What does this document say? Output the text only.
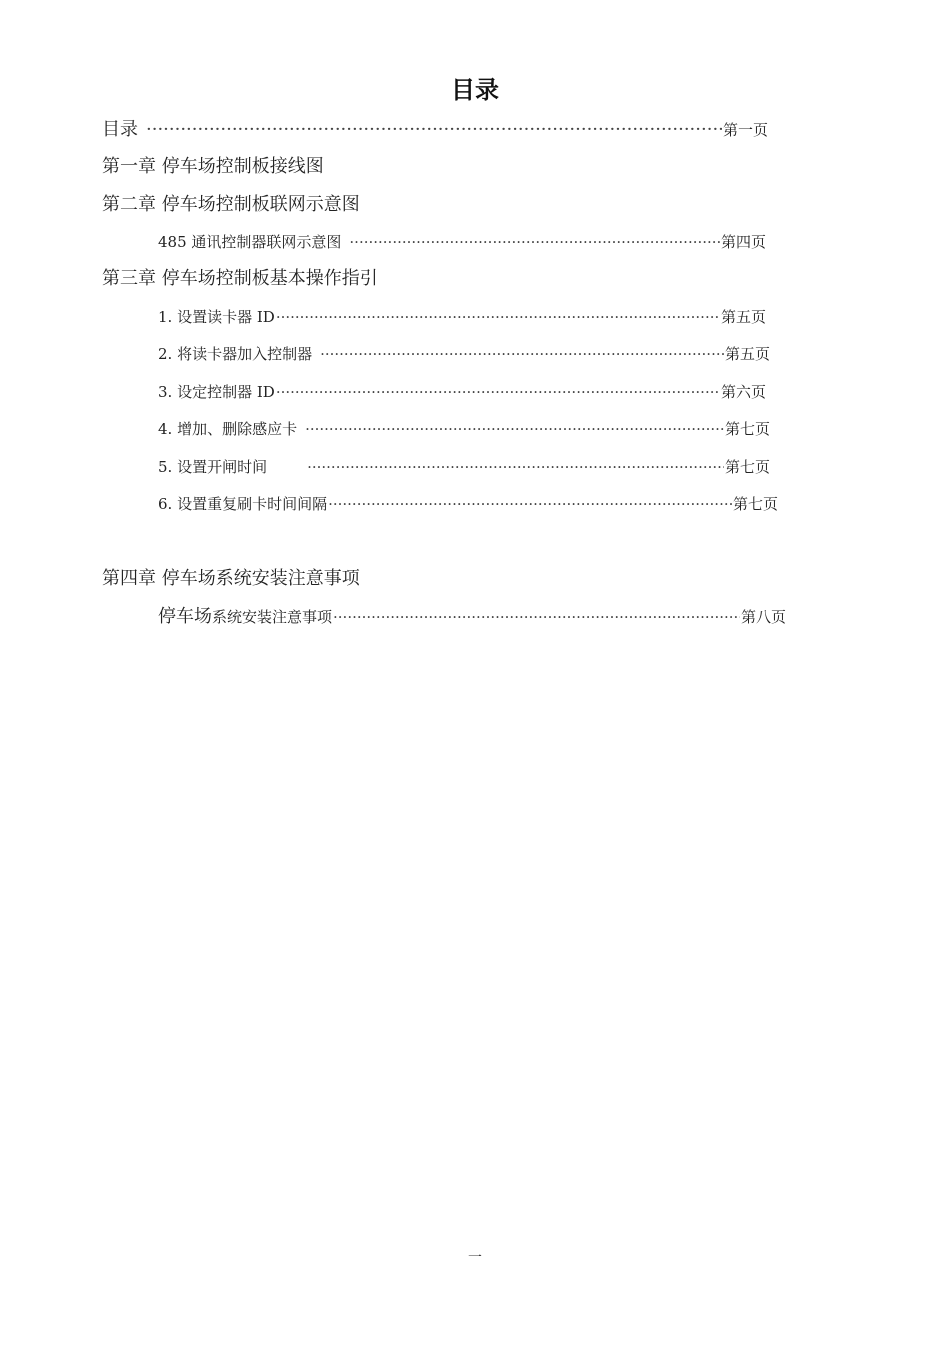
目录
目录 ·····	第一页
第一章 停车场控制板接线图
第二章 停车场控制板联网示意图
485 通讯控制器联网示意图 ·····	第四页
第三章 停车场控制板基本操作指引
1. 设置读卡器 ID ·····	第五页
2. 将读卡器加入控制器 ·····	第五页
3. 设定控制器 ID ·····	第六页
4. 增加、删除感应卡 ·····	第七页
5. 设置开闸时间 ·····	第七页
6. 设置重复刷卡时间间隔 ·····	第七页
第四章 停车场系统安装注意事项
停车场系统安装注意事项 ·····	第八页
一
